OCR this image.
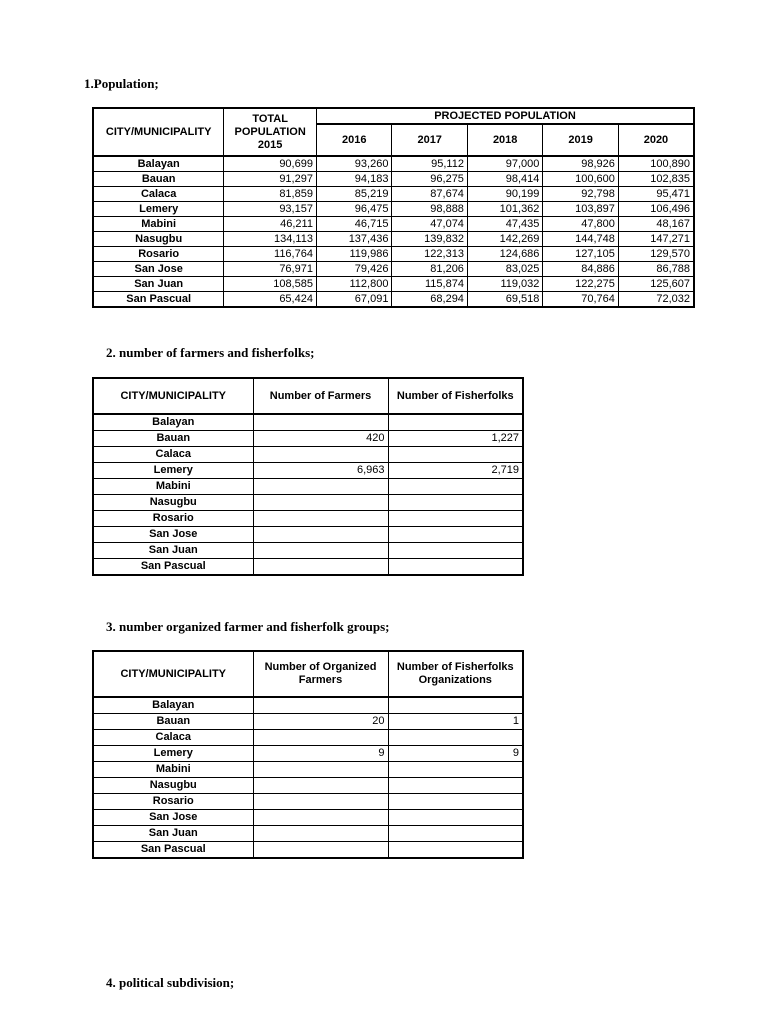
1.Population;
CITY/MUNICIPALITY	TOTAL POPULATION 2015	PROJECTED POPULATION				
		2016	2017	2018	2019	2020
Balayan	90,699	93,260	95,112	97,000	98,926	100,890
Bauan	91,297	94,183	96,275	98,414	100,600	102,835
Calaca	81,859	85,219	87,674	90,199	92,798	95,471
Lemery	93,157	96,475	98,888	101,362	103,897	106,496
Mabini	46,211	46,715	47,074	47,435	47,800	48,167
Nasugbu	134,113	137,436	139,832	142,269	144,748	147,271
Rosario	116,764	119,986	122,313	124,686	127,105	129,570
San Jose	76,971	79,426	81,206	83,025	84,886	86,788
San Juan	108,585	112,800	115,874	119,032	122,275	125,607
San Pascual	65,424	67,091	68,294	69,518	70,764	72,032
2. number of farmers and fisherfolks;
CITY/MUNICIPALITY	Number of Farmers	Number of Fisherfolks
Balayan		
Bauan	420	1,227
Calaca		
Lemery	6,963	2,719
Mabini		
Nasugbu		
Rosario		
San Jose		
San Juan		
San Pascual		
3. number organized farmer and fisherfolk groups;
CITY/MUNICIPALITY	Number of Organized Farmers	Number of Fisherfolks Organizations
Balayan		
Bauan	20	1
Calaca		
Lemery	9	9
Mabini		
Nasugbu		
Rosario		
San Jose		
San Juan		
San Pascual		
4. political subdivision;
